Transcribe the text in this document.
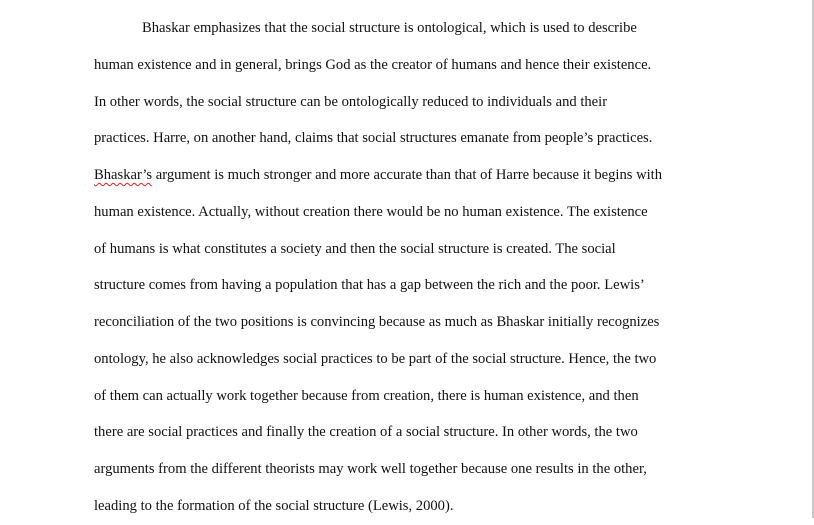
Bhaskar emphasizes that the social structure is ontological, which is used to describe
human existence and in general, brings God as the creator of humans and hence their existence.
In other words, the social structure can be ontologically reduced to individuals and their
practices. Harre, on another hand, claims that social structures emanate from people’s practices.
Bhaskar’s argument is much stronger and more accurate than that of Harre because it begins with
human existence. Actually, without creation there would be no human existence. The existence
of humans is what constitutes a society and then the social structure is created. The social
structure comes from having a population that has a gap between the rich and the poor. Lewis’
reconciliation of the two positions is convincing because as much as Bhaskar initially recognizes
ontology, he also acknowledges social practices to be part of the social structure. Hence, the two
of them can actually work together because from creation, there is human existence, and then
there are social practices and finally the creation of a social structure. In other words, the two
arguments from the different theorists may work well together because one results in the other,
leading to the formation of the social structure (Lewis, 2000).
